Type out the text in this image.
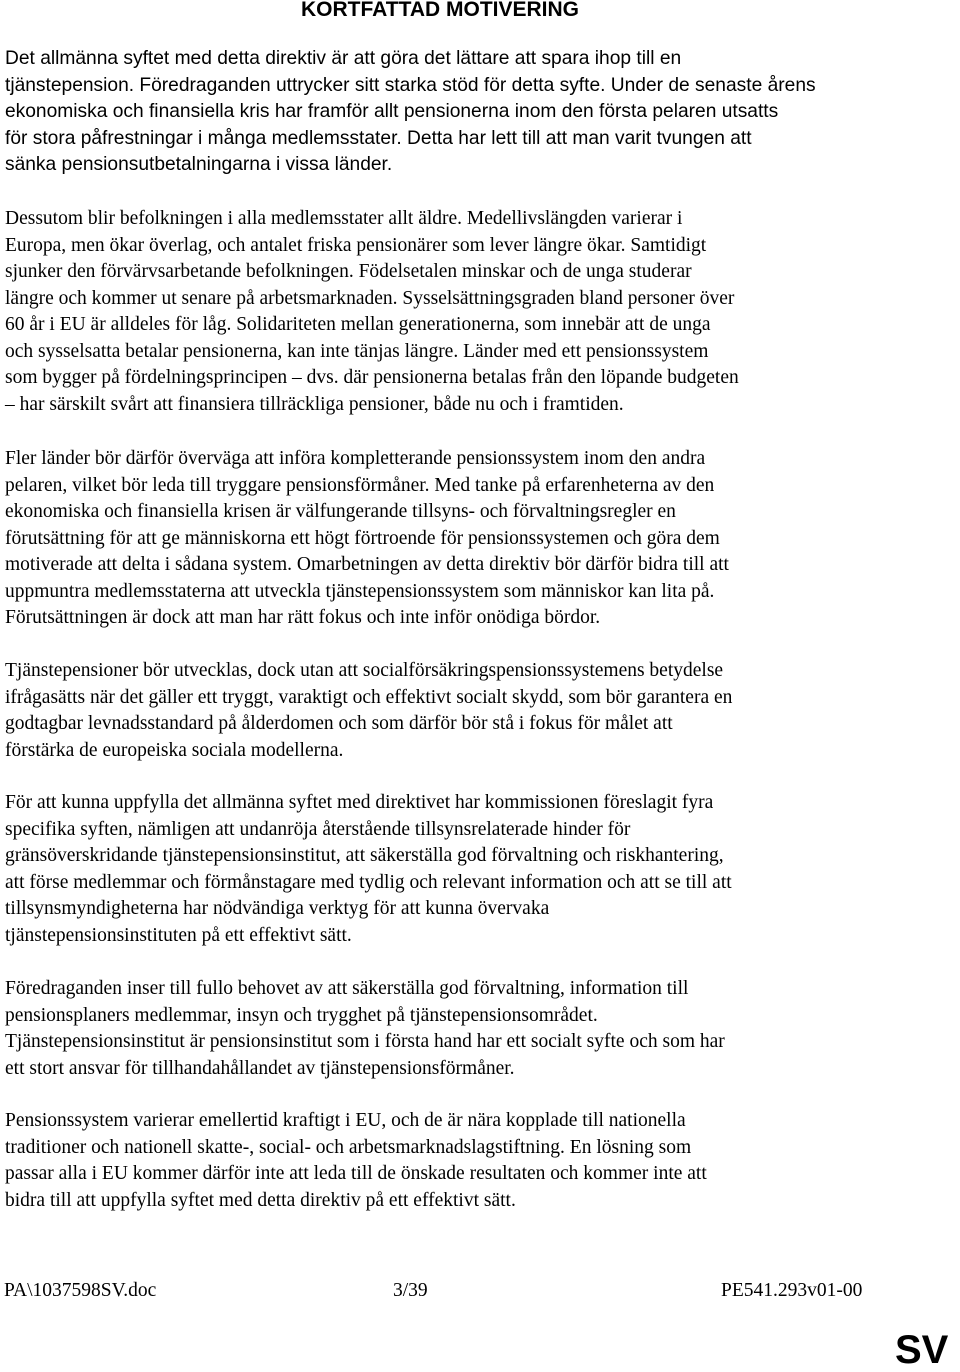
KORTFATTAD MOTIVERING
Det allmänna syftet med detta direktiv är att göra det lättare att spara ihop till en
tjänstepension. Föredraganden uttrycker sitt starka stöd för detta syfte. Under de senaste årens
ekonomiska och finansiella kris har framför allt pensionerna inom den första pelaren utsatts
för stora påfrestningar i många medlemsstater. Detta har lett till att man varit tvungen att
sänka pensionsutbetalningarna i vissa länder.
Dessutom blir befolkningen i alla medlemsstater allt äldre. Medellivslängden varierar i
Europa, men ökar överlag, och antalet friska pensionärer som lever längre ökar. Samtidigt
sjunker den förvärvsarbetande befolkningen. Födelsetalen minskar och de unga studerar
längre och kommer ut senare på arbetsmarknaden. Sysselsättningsgraden bland personer över
60 år i EU är alldeles för låg. Solidariteten mellan generationerna, som innebär att de unga
och sysselsatta betalar pensionerna, kan inte tänjas längre. Länder med ett pensionssystem
som bygger på fördelningsprincipen – dvs. där pensionerna betalas från den löpande budgeten
– har särskilt svårt att finansiera tillräckliga pensioner, både nu och i framtiden.
Fler länder bör därför överväga att införa kompletterande pensionssystem inom den andra
pelaren, vilket bör leda till tryggare pensionsförmåner. Med tanke på erfarenheterna av den
ekonomiska och finansiella krisen är välfungerande tillsyns- och förvaltningsregler en
förutsättning för att ge människorna ett högt förtroende för pensionssystemen och göra dem
motiverade att delta i sådana system. Omarbetningen av detta direktiv bör därför bidra till att
uppmuntra medlemsstaterna att utveckla tjänstepensionssystem som människor kan lita på.
Förutsättningen är dock att man har rätt fokus och inte inför onödiga bördor.
Tjänstepensioner bör utvecklas, dock utan att socialförsäkringspensionssystemens betydelse
ifrågasätts när det gäller ett tryggt, varaktigt och effektivt socialt skydd, som bör garantera en
godtagbar levnadsstandard på ålderdomen och som därför bör stå i fokus för målet att
förstärka de europeiska sociala modellerna.
För att kunna uppfylla det allmänna syftet med direktivet har kommissionen föreslagit fyra
specifika syften, nämligen att undanröja återstående tillsynsrelaterade hinder för
gränsöverskridande tjänstepensionsinstitut, att säkerställa god förvaltning och riskhantering,
att förse medlemmar och förmånstagare med tydlig och relevant information och att se till att
tillsynsmyndigheterna har nödvändiga verktyg för att kunna övervaka
tjänstepensionsinstituten på ett effektivt sätt.
Föredraganden inser till fullo behovet av att säkerställa god förvaltning, information till
pensionsplaners medlemmar, insyn och trygghet på tjänstepensionsområdet.
Tjänstepensionsinstitut är pensionsinstitut som i första hand har ett socialt syfte och som har
ett stort ansvar för tillhandahållandet av tjänstepensionsförmåner.
Pensionssystem varierar emellertid kraftigt i EU, och de är nära kopplade till nationella
traditioner och nationell skatte-, social- och arbetsmarknadslagstiftning. En lösning som
passar alla i EU kommer därför inte att leda till de önskade resultaten och kommer inte att
bidra till att uppfylla syftet med detta direktiv på ett effektivt sätt.
PA\1037598SV.doc	3/39	PE541.293v01-00
SV
